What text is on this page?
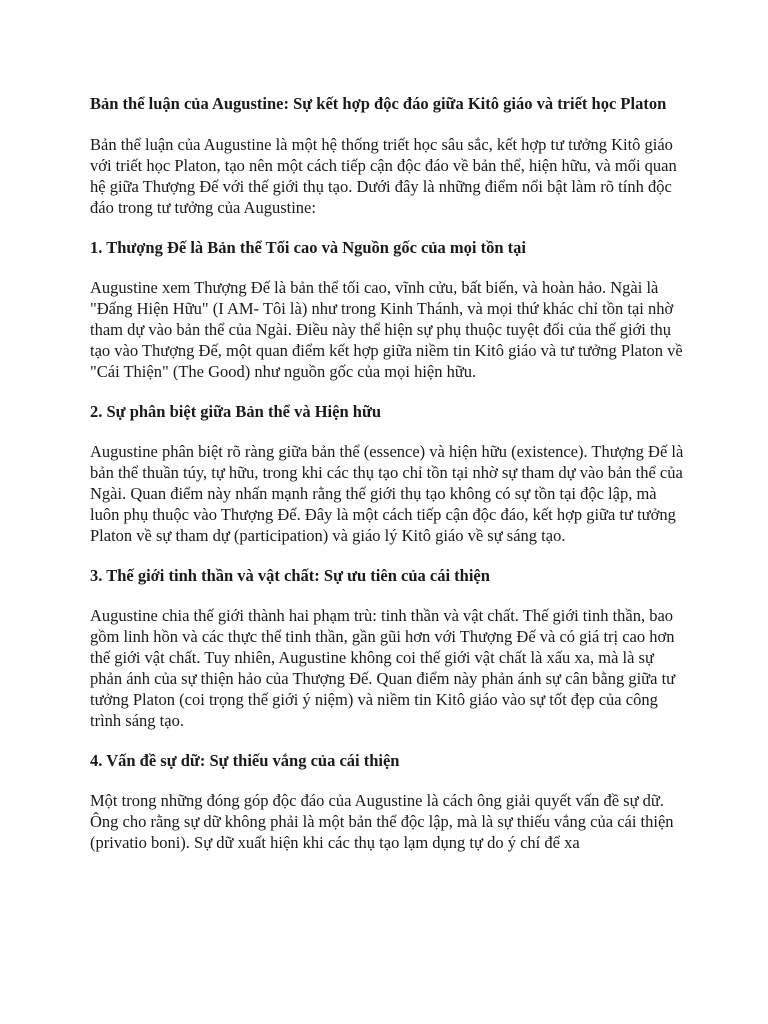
Bản thể luận của Augustine: Sự kết hợp độc đáo giữa Kitô giáo và triết học Platon
Bản thể luận của Augustine là một hệ thống triết học sâu sắc, kết hợp tư tưởng Kitô giáo với triết học Platon, tạo nên một cách tiếp cận độc đáo về bản thể, hiện hữu, và mối quan hệ giữa Thượng Đế với thế giới thụ tạo. Dưới đây là những điểm nổi bật làm rõ tính độc đáo trong tư tưởng của Augustine:
1. Thượng Đế là Bản thể Tối cao và Nguồn gốc của mọi tồn tại
Augustine xem Thượng Đế là bản thể tối cao, vĩnh cửu, bất biến, và hoàn hảo. Ngài là "Đấng Hiện Hữu" (I AM- Tôi là) như trong Kinh Thánh, và mọi thứ khác chỉ tồn tại nhờ tham dự vào bản thể của Ngài. Điều này thể hiện sự phụ thuộc tuyệt đối của thế giới thụ tạo vào Thượng Đế, một quan điểm kết hợp giữa niềm tin Kitô giáo và tư tưởng Platon về "Cái Thiện" (The Good) như nguồn gốc của mọi hiện hữu.
2. Sự phân biệt giữa Bản thể và Hiện hữu
Augustine phân biệt rõ ràng giữa bản thể (essence) và hiện hữu (existence). Thượng Đế là bản thể thuần túy, tự hữu, trong khi các thụ tạo chỉ tồn tại nhờ sự tham dự vào bản thể của Ngài. Quan điểm này nhấn mạnh rằng thế giới thụ tạo không có sự tồn tại độc lập, mà luôn phụ thuộc vào Thượng Đế. Đây là một cách tiếp cận độc đáo, kết hợp giữa tư tưởng Platon về sự tham dự (participation) và giáo lý Kitô giáo về sự sáng tạo.
3. Thế giới tinh thần và vật chất: Sự ưu tiên của cái thiện
Augustine chia thế giới thành hai phạm trù: tinh thần và vật chất. Thế giới tinh thần, bao gồm linh hồn và các thực thể tinh thần, gần gũi hơn với Thượng Đế và có giá trị cao hơn thế giới vật chất. Tuy nhiên, Augustine không coi thế giới vật chất là xấu xa, mà là sự phản ánh của sự thiện hảo của Thượng Đế. Quan điểm này phản ánh sự cân bằng giữa tư tưởng Platon (coi trọng thế giới ý niệm) và niềm tin Kitô giáo vào sự tốt đẹp của công trình sáng tạo.
4. Vấn đề sự dữ: Sự thiếu vắng của cái thiện
Một trong những đóng góp độc đáo của Augustine là cách ông giải quyết vấn đề sự dữ. Ông cho rằng sự dữ không phải là một bản thể độc lập, mà là sự thiếu vắng của cái thiện (privatio boni). Sự dữ xuất hiện khi các thụ tạo lạm dụng tự do ý chí để xa
